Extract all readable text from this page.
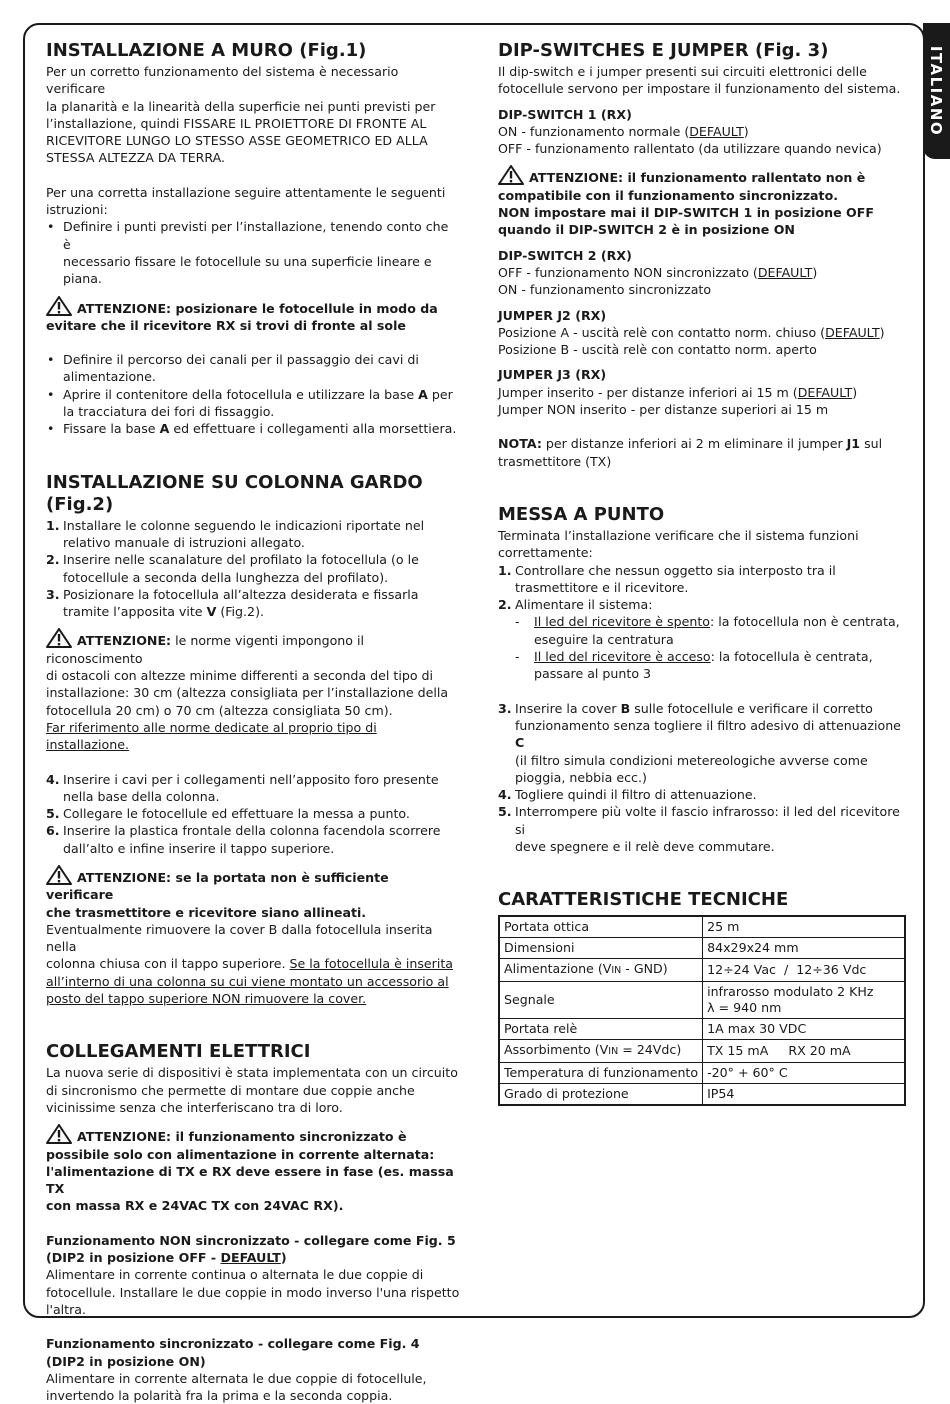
ITALIANO
INSTALLAZIONE A MURO (Fig.1)
Per un corretto funzionamento del sistema è necessario verificare
la planarità e la linearità della superficie nei punti previsti per
l’installazione, quindi FISSARE IL PROIETTORE DI FRONTE AL
RICEVITORE LUNGO LO STESSO ASSE GEOMETRICO ED ALLA
STESSA ALTEZZA DA TERRA.
Per una corretta installazione seguire attentamente le seguenti
istruzioni:
• Definire i punti previsti per l’installazione, tenendo conto che è
necessario fissare le fotocellule su una superficie lineare e piana.
ATTENZIONE: posizionare le fotocellule in modo da
evitare che il ricevitore RX si trovi di fronte al sole
• Definire il percorso dei canali per il passaggio dei cavi di
alimentazione.
• Aprire il contenitore della fotocellula e utilizzare la base A per
la tracciatura dei fori di fissaggio.
• Fissare la base A ed effettuare i collegamenti alla morsettiera.
INSTALLAZIONE SU COLONNA GARDO (Fig.2)
1. Installare le colonne seguendo le indicazioni riportate nel
relativo manuale di istruzioni allegato.
2. Inserire nelle scanalature del profilato la fotocellula (o le
fotocellule a seconda della lunghezza del profilato).
3. Posizionare la fotocellula all’altezza desiderata e fissarla
tramite l’apposita vite V (Fig.2).
ATTENZIONE: le norme vigenti impongono il riconoscimento
di ostacoli con altezze minime differenti a seconda del tipo di
installazione: 30 cm (altezza consigliata per l’installazione della
fotocellula 20 cm) o 70 cm (altezza consigliata 50 cm).
Far riferimento alle norme dedicate al proprio tipo di installazione.
4. Inserire i cavi per i collegamenti nell’apposito foro presente
nella base della colonna.
5. Collegare le fotocellule ed effettuare la messa a punto.
6. Inserire la plastica frontale della colonna facendola scorrere
dall’alto e infine inserire il tappo superiore.
ATTENZIONE: se la portata non è sufficiente verificare
che trasmettitore e ricevitore siano allineati.
Eventualmente rimuovere la cover B dalla fotocellula inserita nella
colonna chiusa con il tappo superiore. Se la fotocellula è inserita
all’interno di una colonna su cui viene montato un accessorio al
posto del tappo superiore NON rimuovere la cover.
COLLEGAMENTI ELETTRICI
La nuova serie di dispositivi è stata implementata con un circuito
di sincronismo che permette di montare due coppie anche
vicinissime senza che interferiscano tra di loro.
ATTENZIONE: il funzionamento sincronizzato è
possibile solo con alimentazione in corrente alternata:
l'alimentazione di TX e RX deve essere in fase (es. massa TX
con massa RX e 24VAC TX con 24VAC RX).
Funzionamento NON sincronizzato - collegare come Fig. 5
(DIP2 in posizione OFF - DEFAULT)
Alimentare in corrente continua o alternata le due coppie di
fotocellule. Installare le due coppie in modo inverso l'una rispetto
l'altra.
Funzionamento sincronizzato - collegare come Fig. 4
(DIP2 in posizione ON)
Alimentare in corrente alternata le due coppie di fotocellule,
invertendo la polarità fra la prima e la seconda coppia.
DIP-SWITCHES E JUMPER (Fig. 3)
Il dip-switch e i jumper presenti sui circuiti elettronici delle
fotocellule servono per impostare il funzionamento del sistema.
DIP-SWITCH 1 (RX)
ON - funzionamento normale (DEFAULT)
OFF - funzionamento rallentato (da utilizzare quando nevica)
ATTENZIONE: il funzionamento rallentato non è
compatibile con il funzionamento sincronizzato.
NON impostare mai il DIP-SWITCH 1 in posizione OFF
quando il DIP-SWITCH 2 è in posizione ON
DIP-SWITCH 2 (RX)
OFF - funzionamento NON sincronizzato (DEFAULT)
ON - funzionamento sincronizzato
JUMPER J2 (RX)
Posizione A - uscità relè con contatto norm. chiuso (DEFAULT)
Posizione B - uscità relè con contatto norm. aperto
JUMPER J3 (RX)
Jumper inserito - per distanze inferiori ai 15 m (DEFAULT)
Jumper NON inserito - per distanze superiori ai 15 m
NOTA: per distanze inferiori ai 2 m eliminare il jumper J1 sul
trasmettitore (TX)
MESSA A PUNTO
Terminata l’installazione verificare che il sistema funzioni
correttamente:
1. Controllare che nessun oggetto sia interposto tra il
trasmettitore e il ricevitore.
2. Alimentare il sistema:
- Il led del ricevitore è spento: la fotocellula non è centrata,
eseguire la centratura
- Il led del ricevitore è acceso: la fotocellula è centrata,
passare al punto 3
3. Inserire la cover B sulle fotocellule e verificare il corretto
funzionamento senza togliere il filtro adesivo di attenuazione C
(il filtro simula condizioni metereologiche avverse come
pioggia, nebbia ecc.)
4. Togliere quindi il filtro di attenuazione.
5. Interrompere più volte il fascio infrarosso: il led del ricevitore si
deve spegnere e il relè deve commutare.
CARATTERISTICHE TECNICHE
Portata ottica	25 m
Dimensioni	84x29x24 mm
Alimentazione (VIN - GND)	12÷24 Vac  /  12÷36 Vdc
Segnale	infrarosso modulato 2 KHz
λ = 940 nm

Portata relè	1A max 30 VDC
Assorbimento (VIN = 24Vdc)	TX 15 mA     RX 20 mA
Temperatura di funzionamento	-20° + 60° C
Grado di protezione	IP54
